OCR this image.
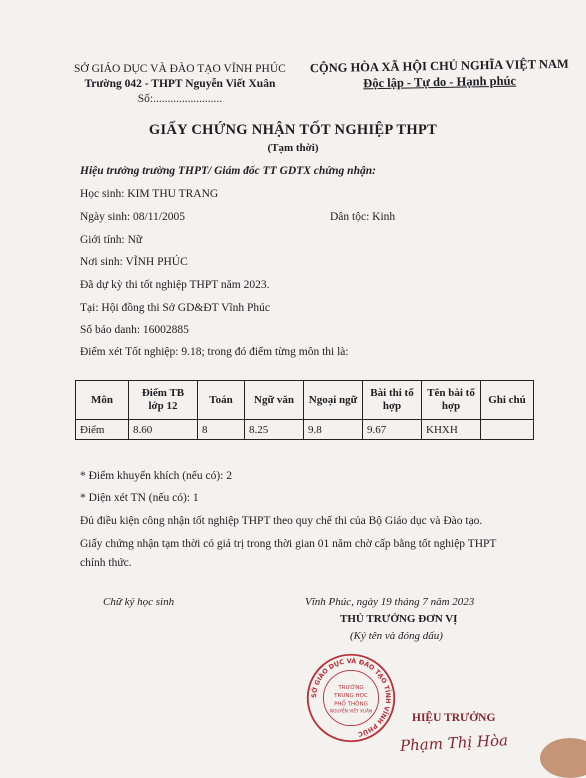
SỞ GIÁO DỤC VÀ ĐÀO TẠO VĨNH PHÚC
Trường 042 - THPT Nguyễn Viết Xuân
Số:........................
CỘNG HÒA XÃ HỘI CHỦ NGHĨA VIỆT NAM
Độc lập - Tự do - Hạnh phúc
GIẤY CHỨNG NHẬN TỐT NGHIỆP THPT
(Tạm thời)
Hiệu trưởng trường THPT/ Giám đốc TT GDTX chứng nhận:
Học sinh: KIM THU TRANG
Ngày sinh: 08/11/2005	Dân tộc: Kinh
Giới tính: Nữ
Nơi sinh: VĨNH PHÚC
Đã dự kỳ thi tốt nghiệp THPT năm 2023.
Tại: Hội đồng thi Sở GD&ĐT Vĩnh Phúc
Số báo danh: 16002885
Điểm xét Tốt nghiệp: 9.18; trong đó điểm từng môn thi là:
Môn	Điểm TB lớp 12	Toán	Ngữ văn	Ngoại ngữ	Bài thi tổ hợp	Tên bài tổ hợp	Ghi chú
Điểm	8.60	8	8.25	9.8	9.67	KHXH	
* Điểm khuyến khích (nếu có): 2
* Diện xét TN (nếu có): 1
Đủ điều kiện công nhận tốt nghiệp THPT theo quy chế thi của Bộ Giáo dục và Đào tạo.
Giấy chứng nhận tạm thời có giá trị trong thời gian 01 năm chờ cấp bằng tốt nghiệp THPT
chính thức.
Chữ ký học sinh	Vĩnh Phúc, ngày 19 tháng 7 năm 2023
THỦ TRƯỞNG ĐƠN VỊ
(Ký tên và đóng dấu)
SỞ GIÁO DỤC VÀ ĐÀO TẠO TỈNH VĨNH PHÚC
TRƯỜNG
TRUNG HỌC
PHỔ THÔNG
NGUYỄN VIẾT XUÂN
HIỆU TRƯỞNG
Phạm Thị Hòa
